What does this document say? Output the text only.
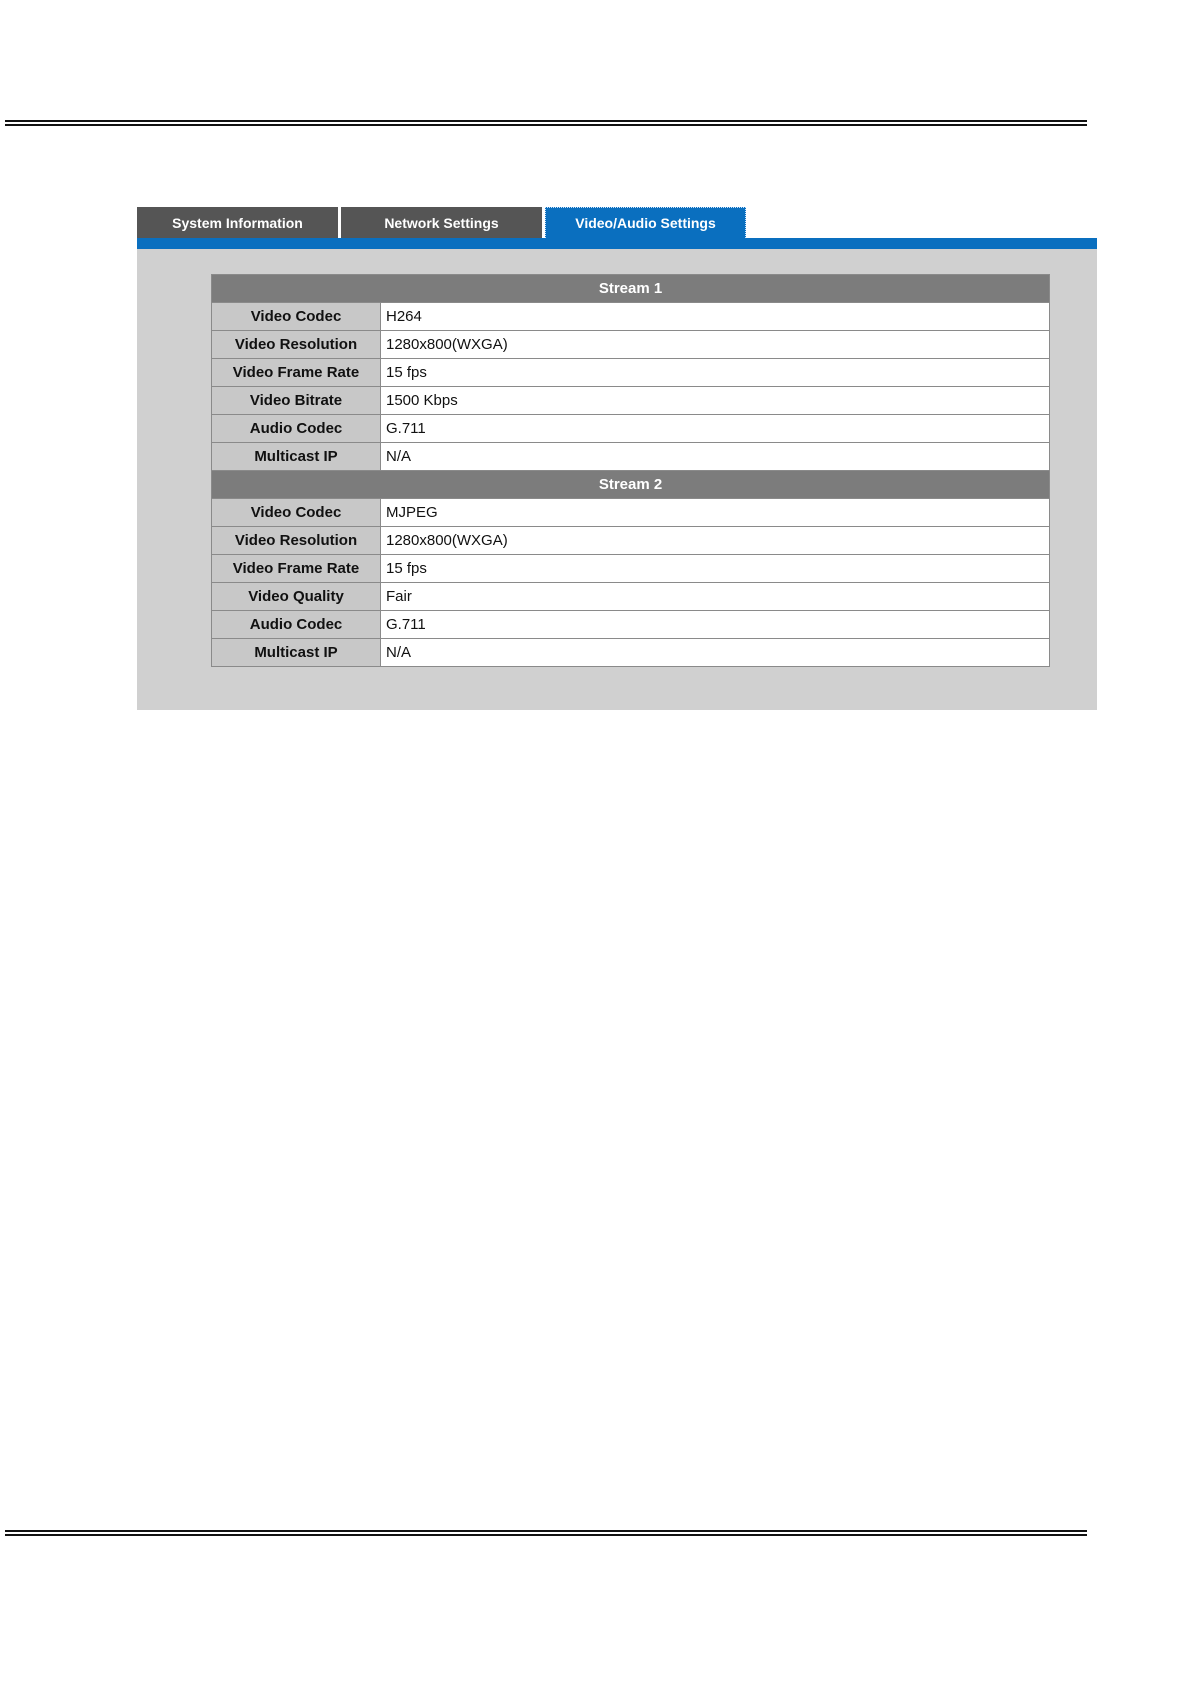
System Information	Network Settings	Video/Audio Settings
Stream 1	
Video Codec	H264
Video Resolution	1280x800(WXGA)
Video Frame Rate	15 fps
Video Bitrate	1500 Kbps
Audio Codec	G.711
Multicast IP	N/A
Stream 2	
Video Codec	MJPEG
Video Resolution	1280x800(WXGA)
Video Frame Rate	15 fps
Video Quality	Fair
Audio Codec	G.711
Multicast IP	N/A
